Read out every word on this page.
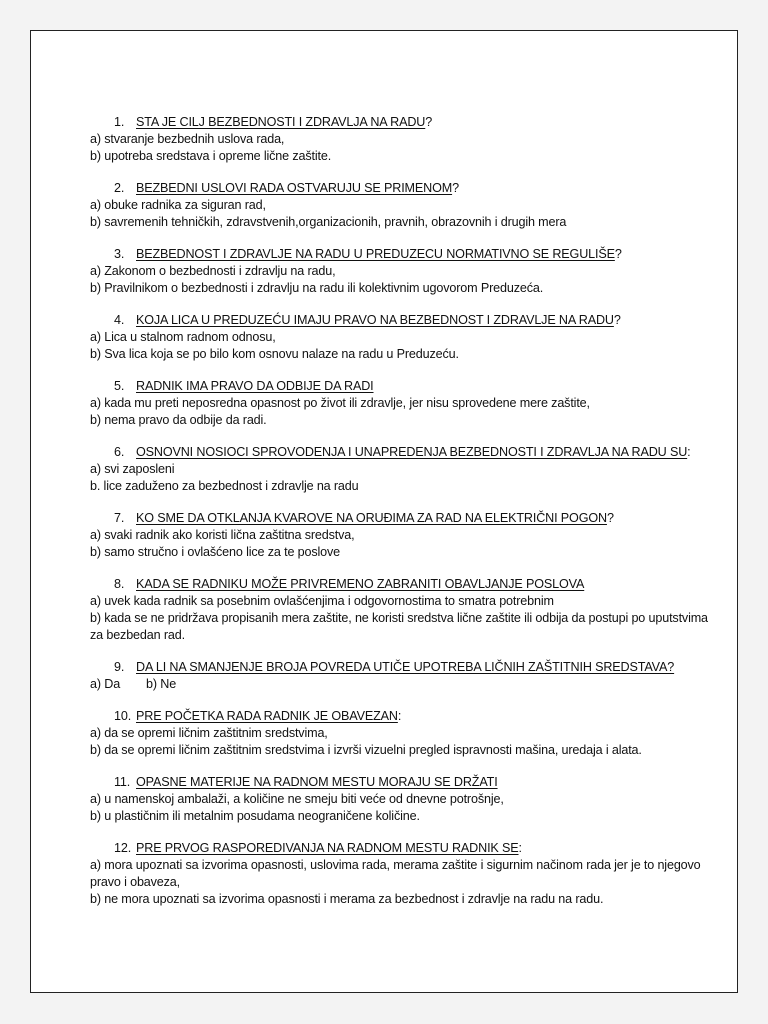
1. STA JE CILJ BEZBEDNOSTI I ZDRAVLJA NA RADU?
a) stvaranje bezbednih uslova rada,
b) upotreba sredstava i opreme lične zaštite.
2. BEZBEDNI USLOVI RADA OSTVARUJU SE PRIMENOM?
a) obuke radnika za siguran rad,
b) savremenih tehničkih, zdravstvenih,organizacionih, pravnih, obrazovnih i drugih mera
3. BEZBEDNOST I ZDRAVLJE NA RADU U PREDUZECU NORMATIVNO SE REGULIŠE?
a) Zakonom o bezbednosti i zdravlju na radu,
b) Pravilnikom o bezbednosti i zdravlju na radu ili kolektivnim ugovorom Preduzeća.
4. KOJA LICA U PREDUZEĆU IMAJU PRAVO NA BEZBEDNOST I ZDRAVLJE NA RADU?
a) Lica u stalnom radnom odnosu,
b) Sva lica koja se po bilo kom osnovu nalaze na radu u Preduzeću.
5. RADNIK IMA PRAVO DA ODBIJE DA RADI
a) kada mu preti neposredna opasnost po život ili zdravlje, jer nisu sprovedene mere zaštite,
b) nema pravo da odbije da radi.
6. OSNOVNI NOSIOCI SPROVODENJA I UNAPREDENJA BEZBEDNOSTI I ZDRAVLJA NA RADU SU:
a) svi zaposleni
b. lice zaduženo za bezbednost i zdravlje na radu
7. KO SME DA OTKLANJA KVAROVE NA ORUĐIMA ZA RAD NA ELEKTRIČNI POGON?
a) svaki radnik ako koristi lična zaštitna sredstva,
b) samo stručno i ovlašćeno lice za te poslove
8. KADA SE RADNIKU MOŽE PRIVREMENO ZABRANITI OBAVLJANJE POSLOVA
a) uvek kada radnik sa posebnim ovlašćenjima i odgovornostima to smatra potrebnim
b) kada se ne pridržava propisanih mera zaštite, ne koristi sredstva lične zaštite ili odbija da postupi po uputstvima za bezbedan rad.
9. DA LI NA SMANJENJE BROJA POVREDA UTIČE UPOTREBA LIČNIH ZAŠTITNIH SREDSTAVA?
a) Da b) Ne
10. PRE POČETKA RADA RADNIK JE OBAVEZAN:
a) da se opremi ličnim zaštitnim sredstvima,
b) da se opremi ličnim zaštitnim sredstvima i izvrši vizuelni pregled ispravnosti mašina, uredaja i alata.
11. OPASNE MATERIJE NA RADNOM MESTU MORAJU SE DRŽATI
a) u namenskoj ambalaži, a količine ne smeju biti veće od dnevne potrošnje,
b) u plastičnim ili metalnim posudama neograničene količine.
12. PRE PRVOG RASPOREDIVANJA NA RADNOM MESTU RADNIK SE:
a) mora upoznati sa izvorima opasnosti, uslovima rada, merama zaštite i sigurnim načinom rada jer je to njegovo pravo i obaveza,
b) ne mora upoznati sa izvorima opasnosti i merama za bezbednost i zdravlje na radu na radu.
